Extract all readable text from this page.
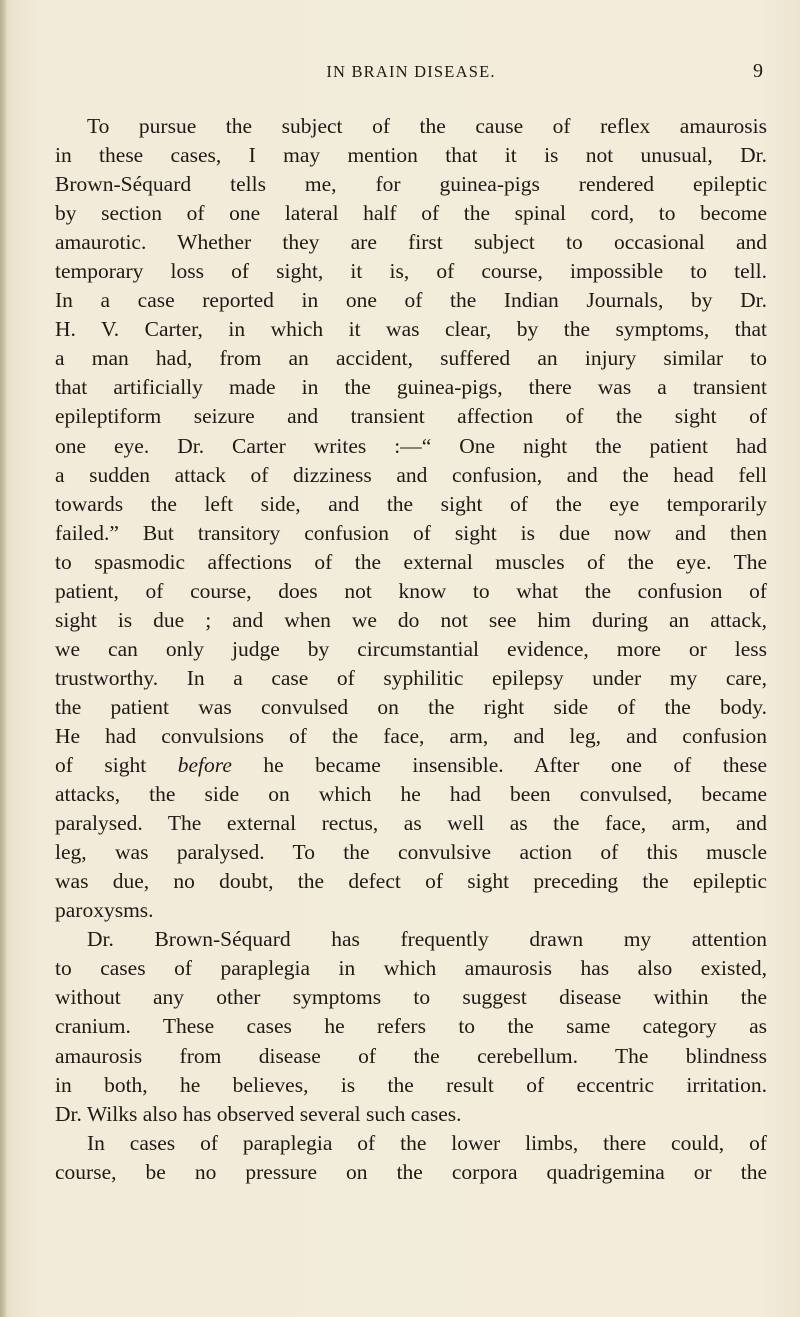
IN BRAIN DISEASE.	9
To pursue the subject of the cause of reflex amaurosis
in these cases, I may mention that it is not unusual, Dr.
Brown-Séquard tells me, for guinea-pigs rendered epileptic
by section of one lateral half of the spinal cord, to become
amaurotic. Whether they are first subject to occasional and
temporary loss of sight, it is, of course, impossible to tell.
In a case reported in one of the Indian Journals, by Dr.
H. V. Carter, in which it was clear, by the symptoms, that
a man had, from an accident, suffered an injury similar to
that artificially made in the guinea-pigs, there was a transient
epileptiform seizure and transient affection of the sight of
one eye. Dr. Carter writes :—“ One night the patient had
a sudden attack of dizziness and confusion, and the head fell
towards the left side, and the sight of the eye temporarily
failed.” But transitory confusion of sight is due now and then
to spasmodic affections of the external muscles of the eye. The
patient, of course, does not know to what the confusion of
sight is due ; and when we do not see him during an attack,
we can only judge by circumstantial evidence, more or less
trustworthy. In a case of syphilitic epilepsy under my care,
the patient was convulsed on the right side of the body.
He had convulsions of the face, arm, and leg, and confusion
of sight before he became insensible. After one of these
attacks, the side on which he had been convulsed, became
paralysed. The external rectus, as well as the face, arm, and
leg, was paralysed. To the convulsive action of this muscle
was due, no doubt, the defect of sight preceding the epileptic
paroxysms.
Dr. Brown-Séquard has frequently drawn my attention
to cases of paraplegia in which amaurosis has also existed,
without any other symptoms to suggest disease within the
cranium. These cases he refers to the same category as
amaurosis from disease of the cerebellum. The blindness
in both, he believes, is the result of eccentric irritation.
Dr. Wilks also has observed several such cases.
In cases of paraplegia of the lower limbs, there could, of
course, be no pressure on the corpora quadrigemina or the
